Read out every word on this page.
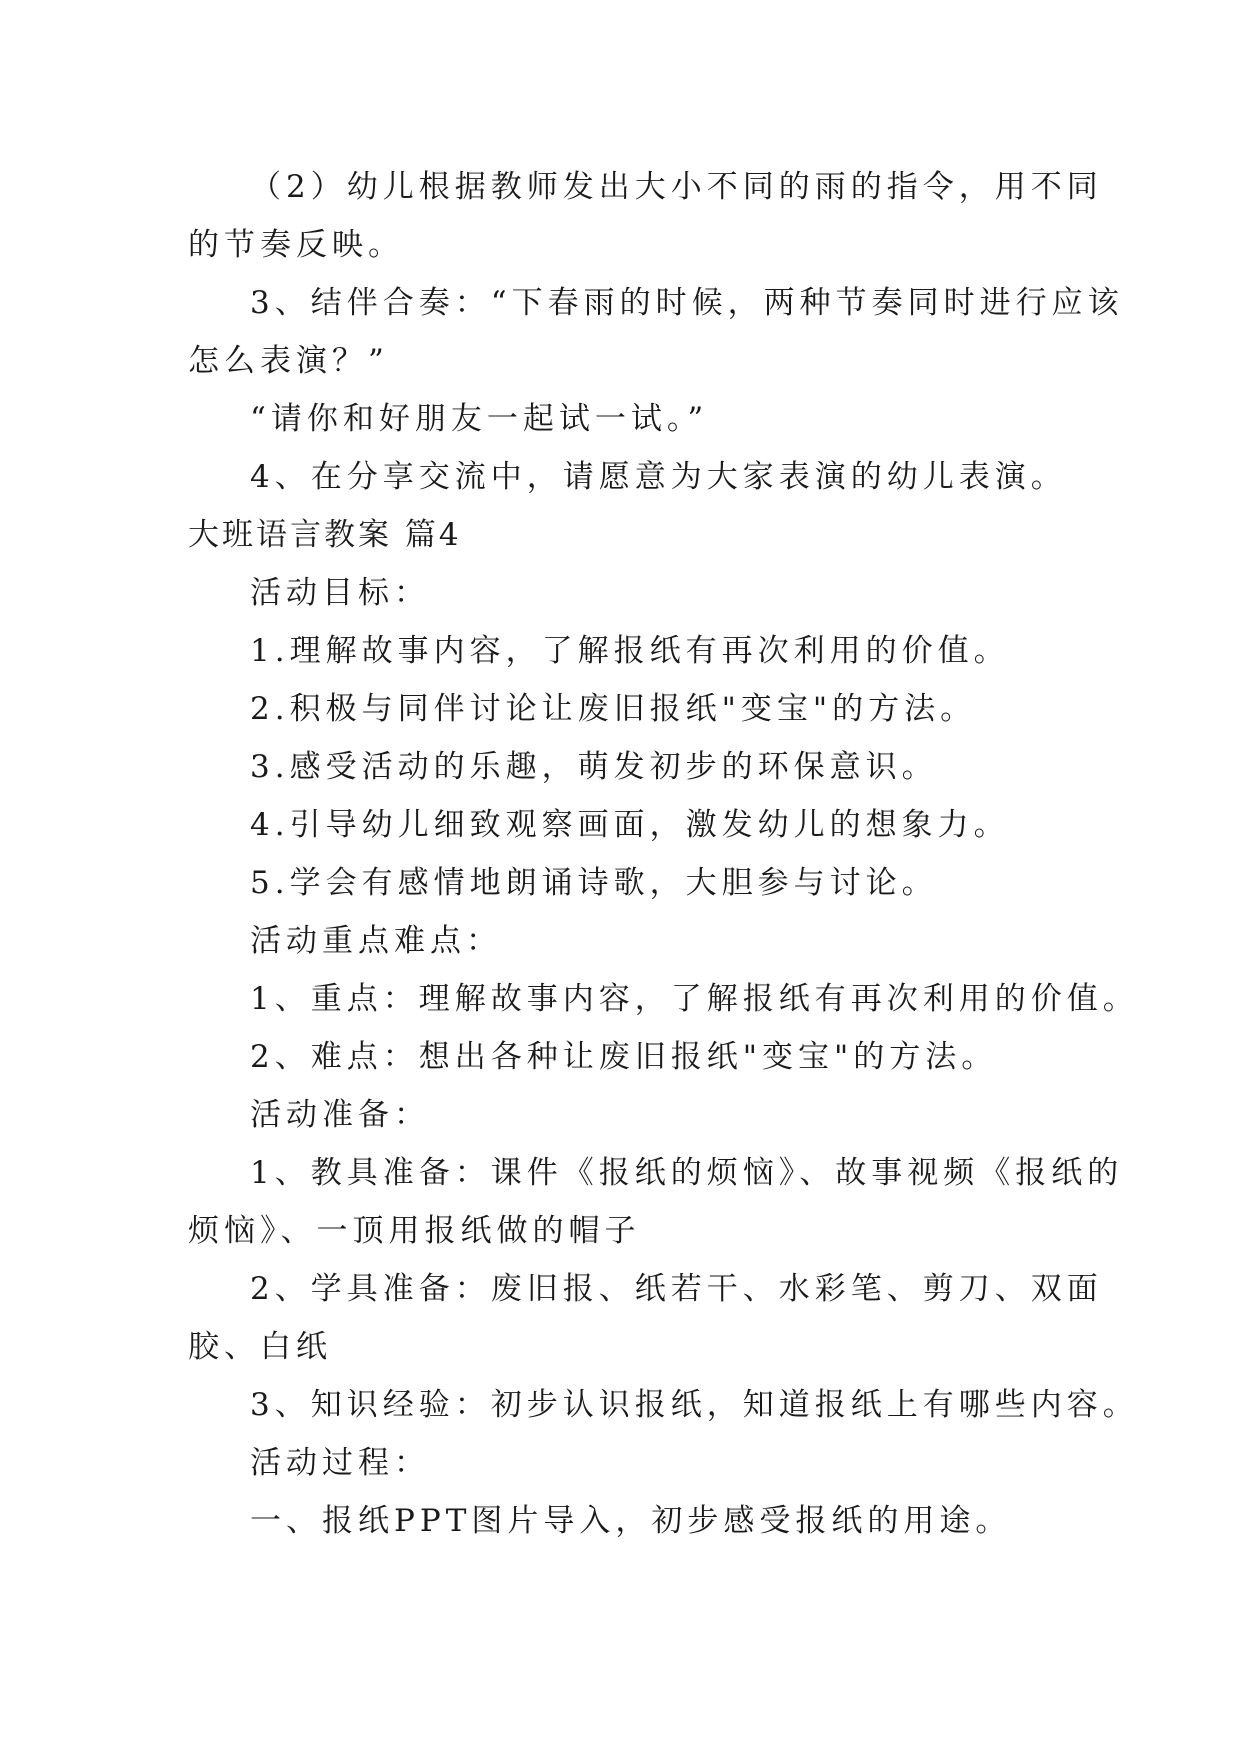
（2）幼儿根据教师发出大小不同的雨的指令，用不同
的节奏反映。
3、结伴合奏：“下春雨的时候，两种节奏同时进行应该
怎么表演？”
“请你和好朋友一起试一试。”
4、在分享交流中，请愿意为大家表演的幼儿表演。
大班语言教案 篇4
活动目标：
1.理解故事内容，了解报纸有再次利用的价值。
2.积极与同伴讨论让废旧报纸"变宝"的方法。
3.感受活动的乐趣，萌发初步的环保意识。
4.引导幼儿细致观察画面，激发幼儿的想象力。
5.学会有感情地朗诵诗歌，大胆参与讨论。
活动重点难点：
1、重点：理解故事内容，了解报纸有再次利用的价值。
2、难点：想出各种让废旧报纸"变宝"的方法。
活动准备：
1、教具准备：课件《报纸的烦恼》、故事视频《报纸的
烦恼》、一顶用报纸做的帽子
2、学具准备：废旧报、纸若干、水彩笔、剪刀、双面
胶、白纸
3、知识经验：初步认识报纸，知道报纸上有哪些内容。
活动过程：
一、报纸PPT图片导入，初步感受报纸的用途。
